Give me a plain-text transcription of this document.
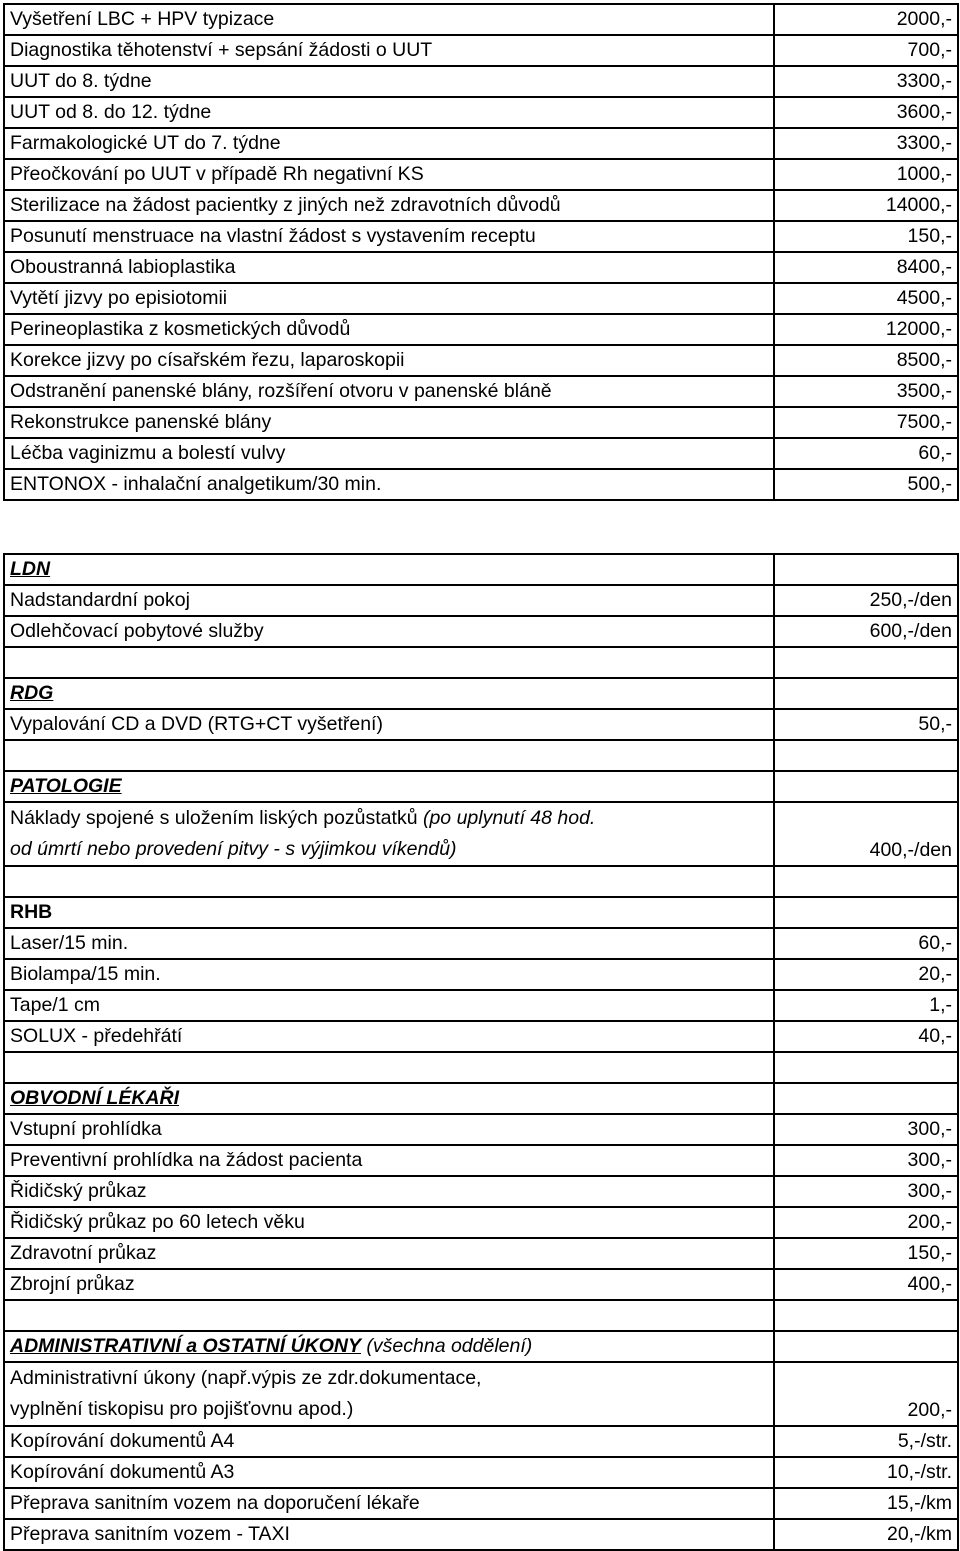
Vyšetření LBC + HPV typizace	2000,-
Diagnostika těhotenství + sepsání žádosti o UUT	700,-
UUT do 8. týdne	3300,-
UUT od 8. do 12. týdne	3600,-
Farmakologické UT do 7. týdne	3300,-
Přeočkování po UUT v případě Rh negativní KS	1000,-
Sterilizace na žádost pacientky z jiných než zdravotních důvodů	14000,-
Posunutí menstruace na vlastní žádost s vystavením receptu	150,-
Oboustranná labioplastika	8400,-
Vytětí jizvy po episiotomii	4500,-
Perineoplastika z kosmetických důvodů	12000,-
Korekce jizvy po císařském řezu, laparoskopii	8500,-
Odstranění panenské blány, rozšíření otvoru v panenské bláně	3500,-
Rekonstrukce panenské blány	7500,-
Léčba vaginizmu a bolestí vulvy	60,-
ENTONOX - inhalační analgetikum/30 min.	500,-
LDN	
Nadstandardní pokoj	250,-/den
Odlehčovací pobytové služby	600,-/den

RDG	
Vypalování CD a DVD (RTG+CT vyšetření)	50,-

PATOLOGIE	
Náklady spojené s uložením liských pozůstatků (po uplynutí 48 hod.
od úmrtí nebo provedení pitvy - s výjimkou víkendů)	400,-/den

RHB	
Laser/15 min.	60,-
Biolampa/15 min.	20,-
Tape/1 cm	1,-
SOLUX - předehřátí	40,-

OBVODNÍ LÉKAŘI	
Vstupní prohlídka	300,-
Preventivní prohlídka na žádost pacienta	300,-
Řidičský průkaz	300,-
Řidičský průkaz po 60 letech věku	200,-
Zdravotní průkaz	150,-
Zbrojní průkaz	400,-

ADMINISTRATIVNÍ a OSTATNÍ ÚKONY (všechna oddělení)	
Administrativní úkony (např.výpis ze zdr.dokumentace,
vyplnění tiskopisu pro pojišťovnu apod.)	200,-
Kopírování dokumentů A4	5,-/str.
Kopírování dokumentů A3	10,-/str.
Přeprava sanitním vozem na doporučení lékaře	15,-/km
Přeprava sanitním vozem - TAXI	20,-/km
